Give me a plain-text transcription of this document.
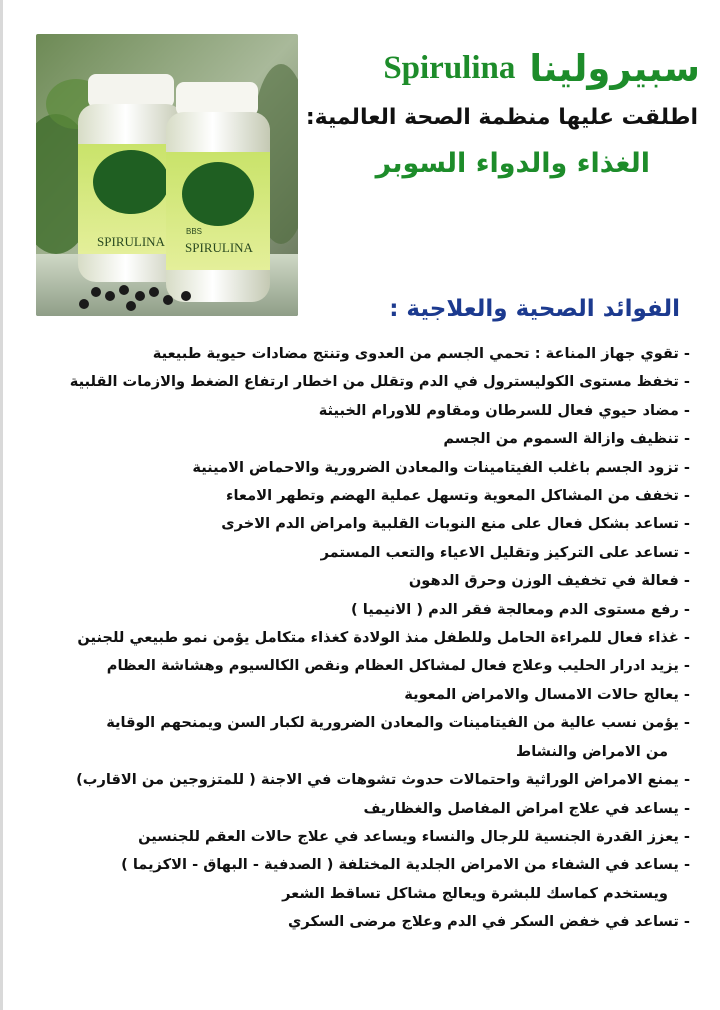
SPIRULINA
BBS
SPIRULINA
Spirulina سبيرولينا
اطلقت عليها منظمة الصحة العالمية:
الغذاء والدواء السوبر
الفوائد الصحية والعلاجية :
- تقوي جهاز المناعة : تحمي الجسم من العدوى وتنتج مضادات حيوية طبيعية
- تخفظ مستوى الكوليسترول في الدم وتقلل من اخطار ارتفاع الضغط والازمات القلبية
- مضاد حيوي فعال للسرطان ومقاوم للاورام الخبيثة
- تنظيف وازالة السموم من الجسم
- تزود الجسم باغلب الفيتامينات والمعادن الضرورية والاحماض الامينية
- تخفف من المشاكل المعوية وتسهل عملية الهضم وتطهر الامعاء
- تساعد بشكل فعال على منع النوبات القلبية وامراض الدم الاخرى
- تساعد على التركيز وتقليل الاعياء والتعب المستمر
- فعالة في تخفيف الوزن وحرق الدهون
- رفع مستوى الدم ومعالجة فقر الدم ( الانيميا )
- غذاء فعال للمراءة الحامل وللطفل منذ الولادة كغذاء متكامل يؤمن نمو طبيعي للجنين
- يزيد ادرار الحليب وعلاج فعال لمشاكل العظام ونقص الكالسيوم وهشاشة العظام
- يعالج حالات الامسال والامراض المعوية
- يؤمن نسب عالية من الفيتامينات والمعادن الضرورية لكبار السن ويمنحهم الوقاية
من الامراض والنشاط
- يمنع الامراض الوراثية واحتمالات حدوث تشوهات في الاجنة ( للمتزوجين من الاقارب)
- يساعد في علاج امراض المفاصل والغظاريف
- يعزز القدرة الجنسية للرجال والنساء ويساعد في علاج حالات العقم للجنسين
- يساعد في الشفاء من الامراض الجلدية المختلفة ( الصدفية - البهاق - الاكزيما )
ويستخدم كماسك للبشرة ويعالج مشاكل تساقط الشعر
- تساعد في خفض السكر في الدم وعلاج مرضى السكري
